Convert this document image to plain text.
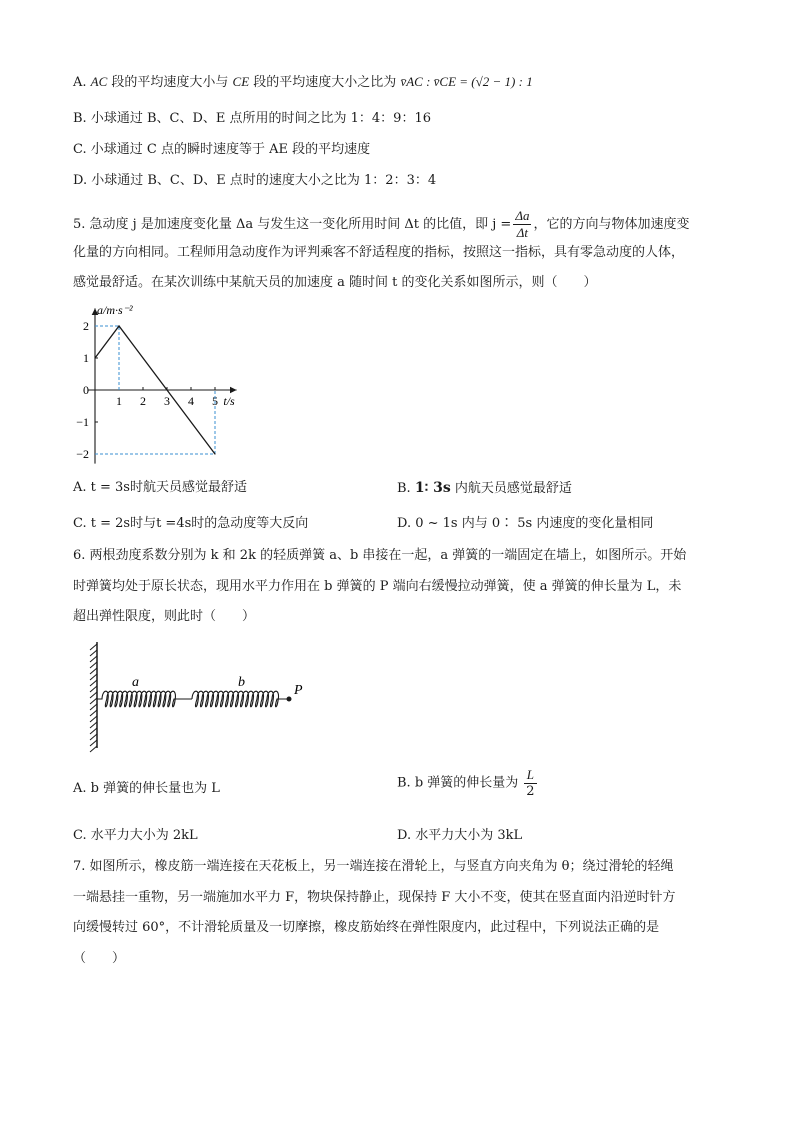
A. AC 段的平均速度大小与 CE 段的平均速度大小之比为 v̄AC : v̄CE = (√2 − 1) : 1
B. 小球通过 B、C、D、E 点所用的时间之比为 1：4：9：16
C. 小球通过 C 点的瞬时速度等于 AE 段的平均速度
D. 小球通过 B、C、D、E 点时的速度大小之比为 1：2：3：4
5. 急动度 j 是加速度变化量 Δa 与发生这一变化所用时间 Δt 的比值，即 $j = \frac{\Delta a}{\Delta t}$ ，它的方向与物体加速度变
化量的方向相同。工程师用急动度作为评判乘客不舒适程度的指标，按照这一指标，具有零急动度的人体，
感觉最舒适。在某次训练中某航天员的加速度 a 随时间 t 的变化关系如图所示，则（　　）
a/m·s⁻²
t/s
2
1
0
−1
−2
1 2 3 4 5
A. t = 3s时航天员感觉最舒适	B. 1∶ 3s 内航天员感觉最舒适
C. t = 2s时与t =4s时的急动度等大反向	D. 0 ~ 1s 内与 0∶ 5s 内速度的变化量相同
6. 两根劲度系数分别为 k 和 2k 的轻质弹簧 a、b 串接在一起，a 弹簧的一端固定在墙上，如图所示。开始
时弹簧均处于原长状态，现用水平力作用在 b 弹簧的 P 端向右缓慢拉动弹簧，使 a 弹簧的伸长量为 L，未
超出弹性限度，则此时（　　）
a	b
P
A. b 弹簧的伸长量也为 L	B. b 弹簧的伸长量为 $\frac{L}{2}$
C. 水平力大小为 2kL	D. 水平力大小为 3kL
7. 如图所示，橡皮筋一端连接在天花板上，另一端连接在滑轮上，与竖直方向夹角为 θ；绕过滑轮的轻绳
一端悬挂一重物，另一端施加水平力 F，物块保持静止，现保持 F 大小不变，使其在竖直面内沿逆时针方
向缓慢转过 60°，不计滑轮质量及一切摩擦，橡皮筋始终在弹性限度内，此过程中，下列说法正确的是
（　　）
